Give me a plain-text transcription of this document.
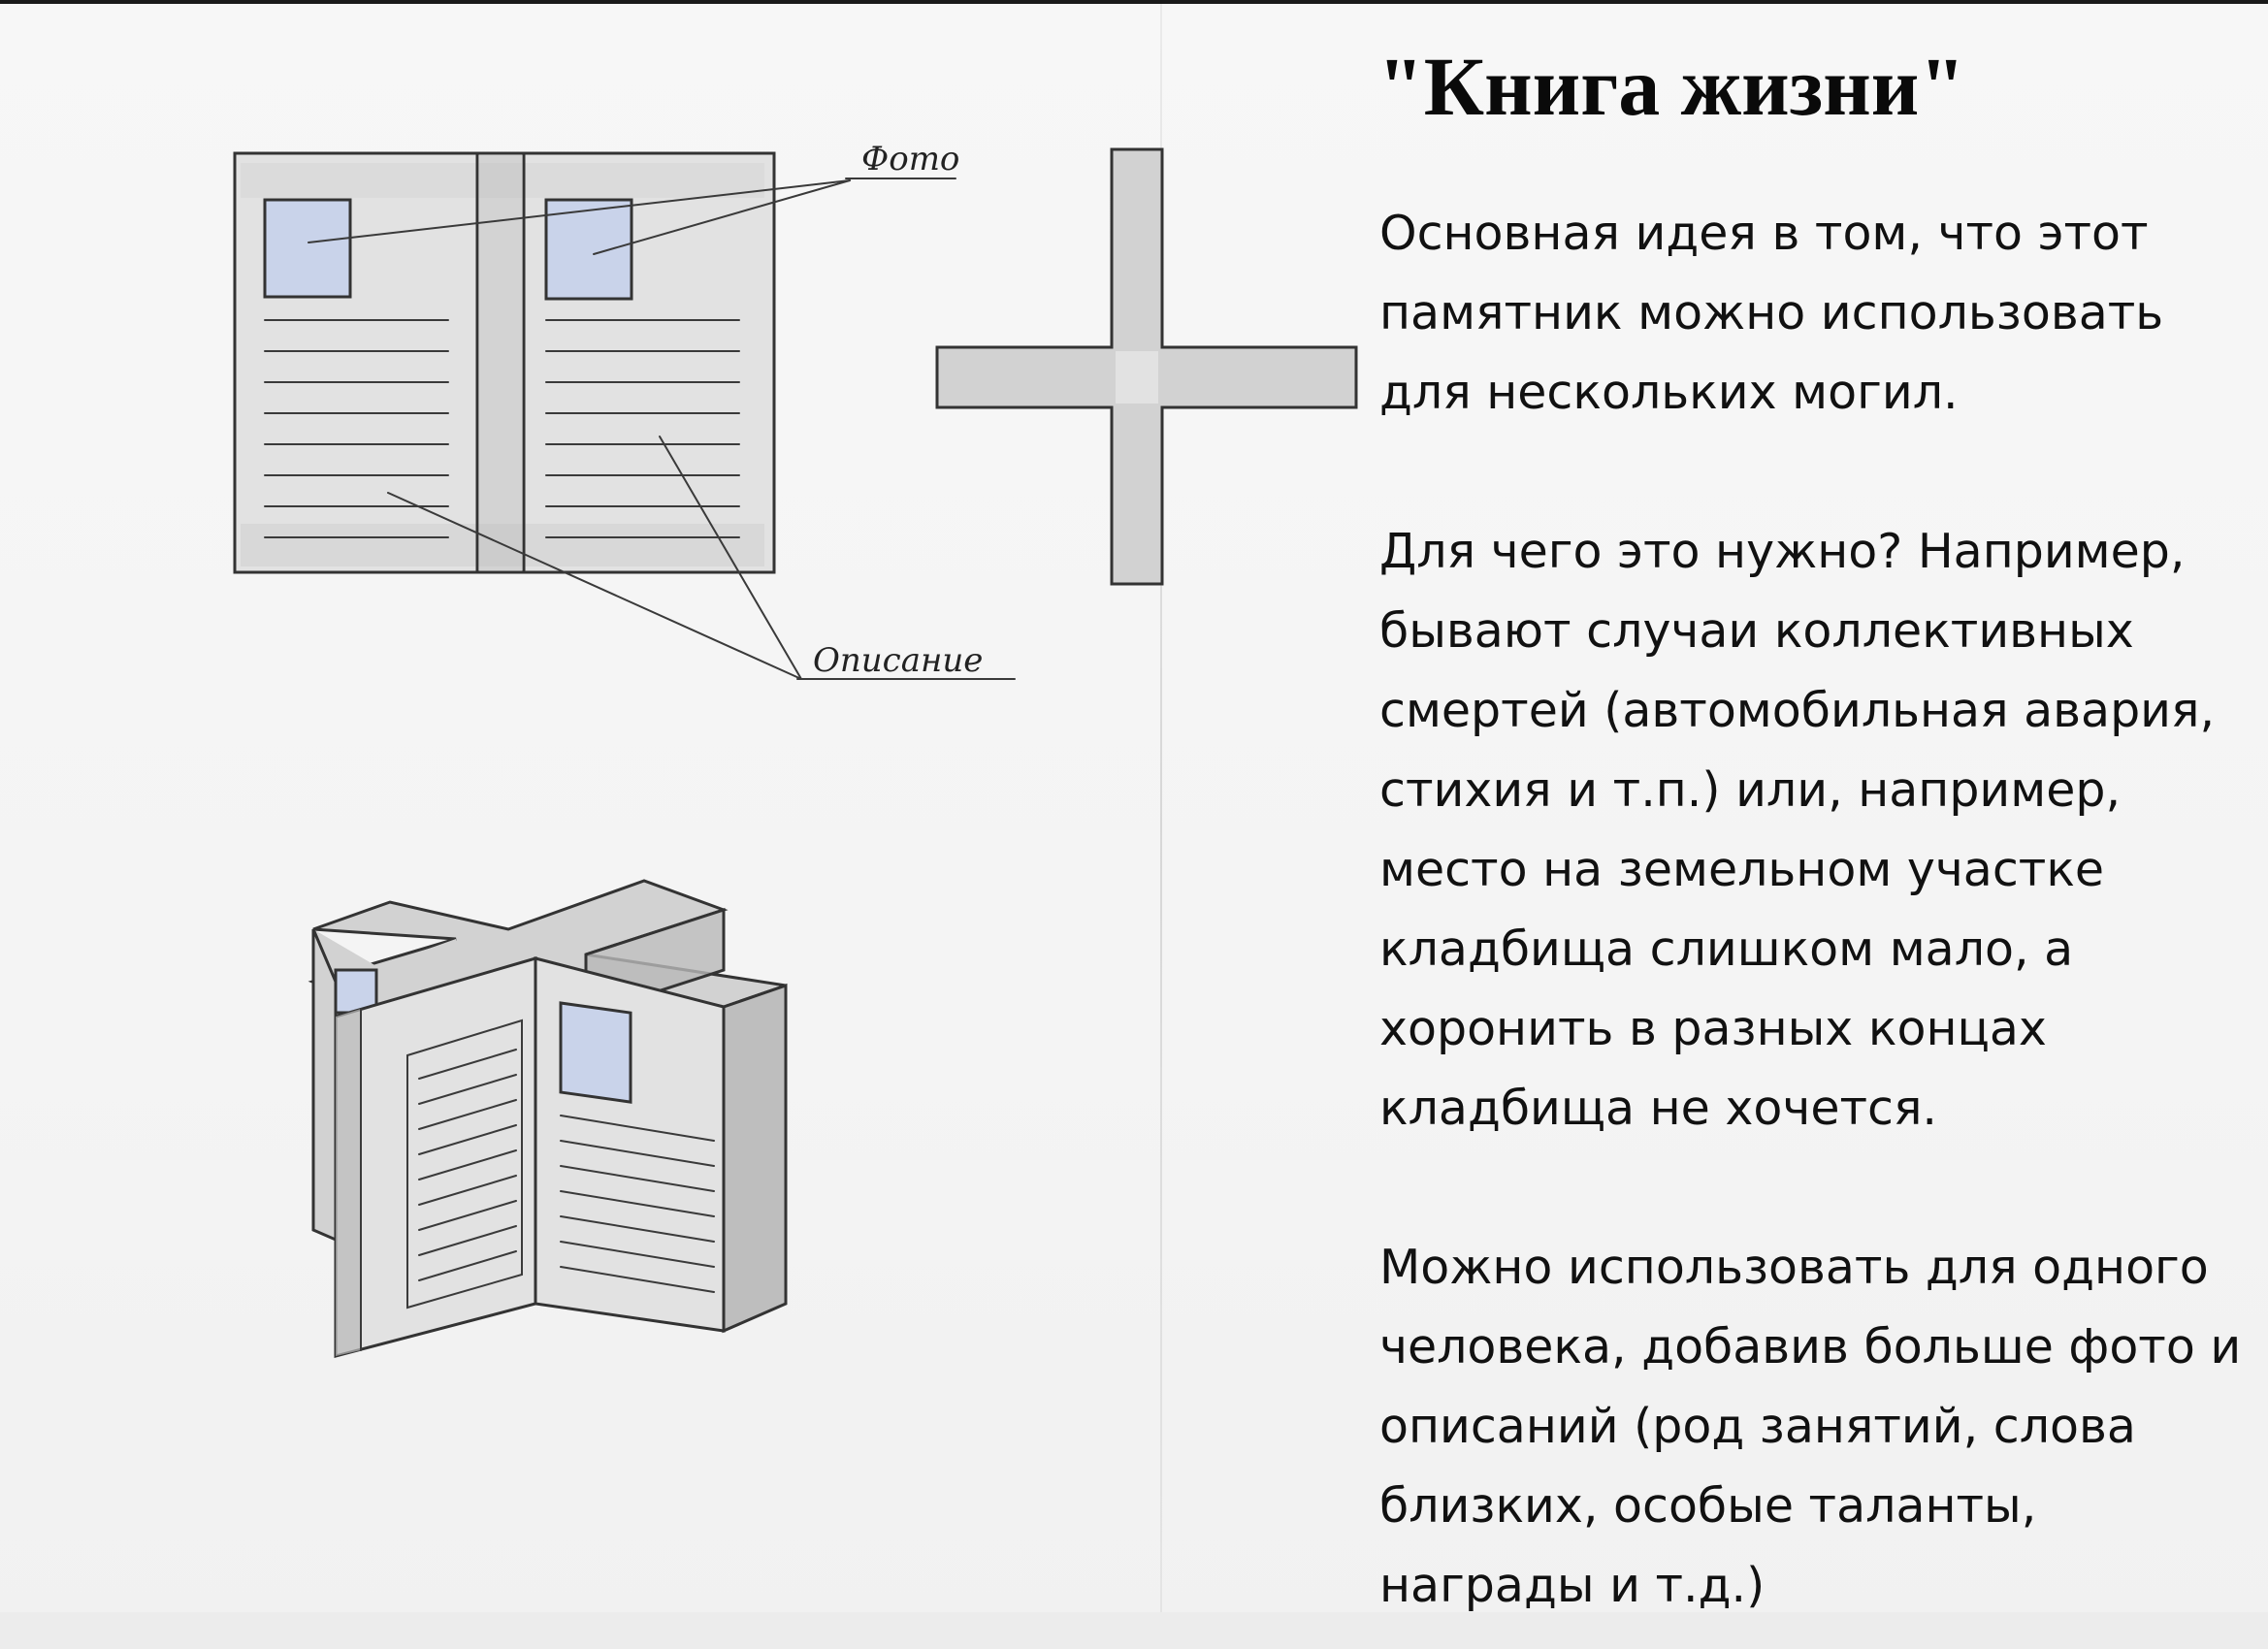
Фото
Описание
"Книга жизни"

Основная идея в том, что этот памятник можно использовать для нескольких могил.

Для чего это нужно? Например, бывают случаи коллективных смертей (автомобильная авария, стихия и т.п.) или, например, место на земельном участке кладбища слишком мало, а хоронить в разных концах кладбища не хочется.

Можно использовать для одного человека, добавив больше фото и описаний (род занятий, слова близких, особые таланты, награды и т.д.)
